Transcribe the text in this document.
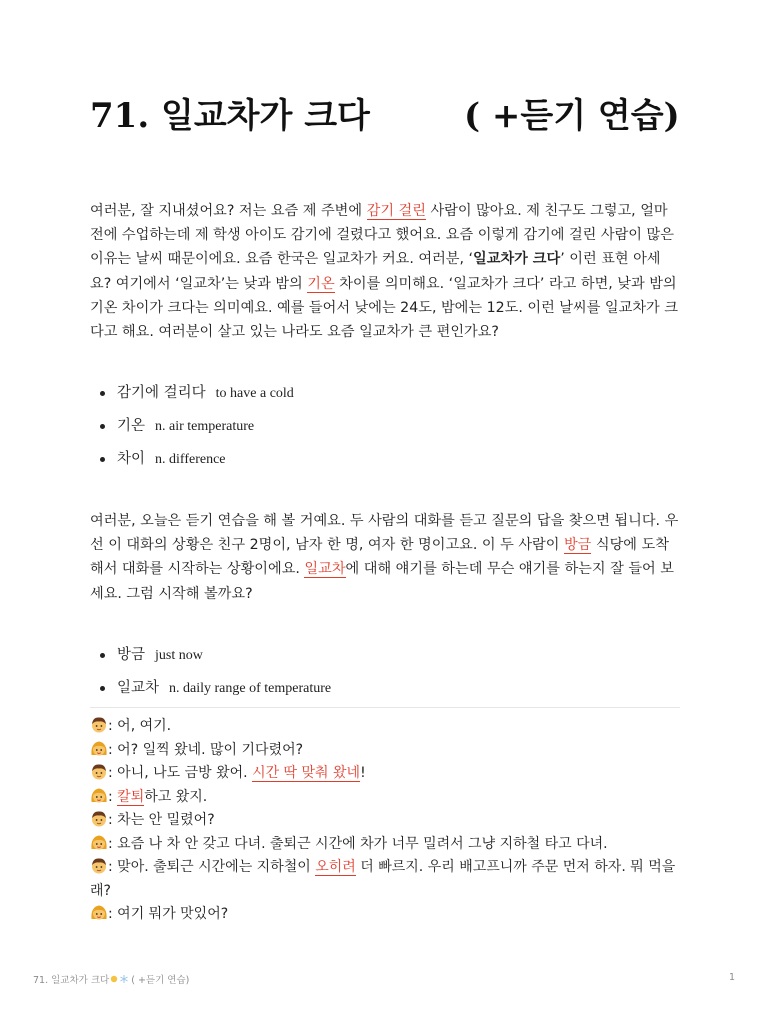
71. 일교차가 크다	( +듣기 연습)

여러분, 잘 지내셨어요? 저는 요즘 제 주변에 감기 걸린 사람이 많아요. 제 친구도 그렇고, 얼마 전에 수업하는데 제 학생 아이도 감기에 걸렸다고 했어요. 요즘 이렇게 감기에 걸린 사람이 많은 이유는 날씨 때문이에요. 요즘 한국은 일교차가 커요. 여러분, ‘일교차가 크다’ 이런 표현 아세요? 여기에서 ‘일교차’는 낮과 밤의 기온 차이를 의미해요. ‘일교차가 크다’ 라고 하면, 낮과 밤의 기온 차이가 크다는 의미예요. 예를 들어서 낮에는 24도, 밤에는 12도. 이런 날씨를 일교차가 크다고 해요. 여러분이 살고 있는 나라도 요즘 일교차가 큰 편인가요?

감기에 걸리다 to have a cold
기온 n. air temperature
차이 n. difference

여러분, 오늘은 듣기 연습을 해 볼 거예요. 두 사람의 대화를 듣고 질문의 답을 찾으면 됩니다. 우선 이 대화의 상황은 친구 2명이, 남자 한 명, 여자 한 명이고요. 이 두 사람이 방금 식당에 도착해서 대화를 시작하는 상황이에요. 일교차에 대해 얘기를 하는데 무슨 얘기를 하는지 잘 들어 보세요. 그럼 시작해 볼까요?

방금 just now
일교차 n. daily range of temperature
: 어, 여기.
: 어? 일찍 왔네. 많이 기다렸어?
: 아니, 나도 금방 왔어. 시간 딱 맞춰 왔네!
: 칼퇴하고 왔지.
: 차는 안 밀렸어?
: 요즘 나 차 안 갖고 다녀. 출퇴근 시간에 차가 너무 밀려서 그냥 지하철 타고 다녀.
: 맞아. 출퇴근 시간에는 지하철이 오히려 더 빠르지. 우리 배고프니까 주문 먼저 하자. 뭐 먹을래?
: 여기 뭐가 맛있어?
71. 일교차가 크다 ( +듣기 연습)	1
